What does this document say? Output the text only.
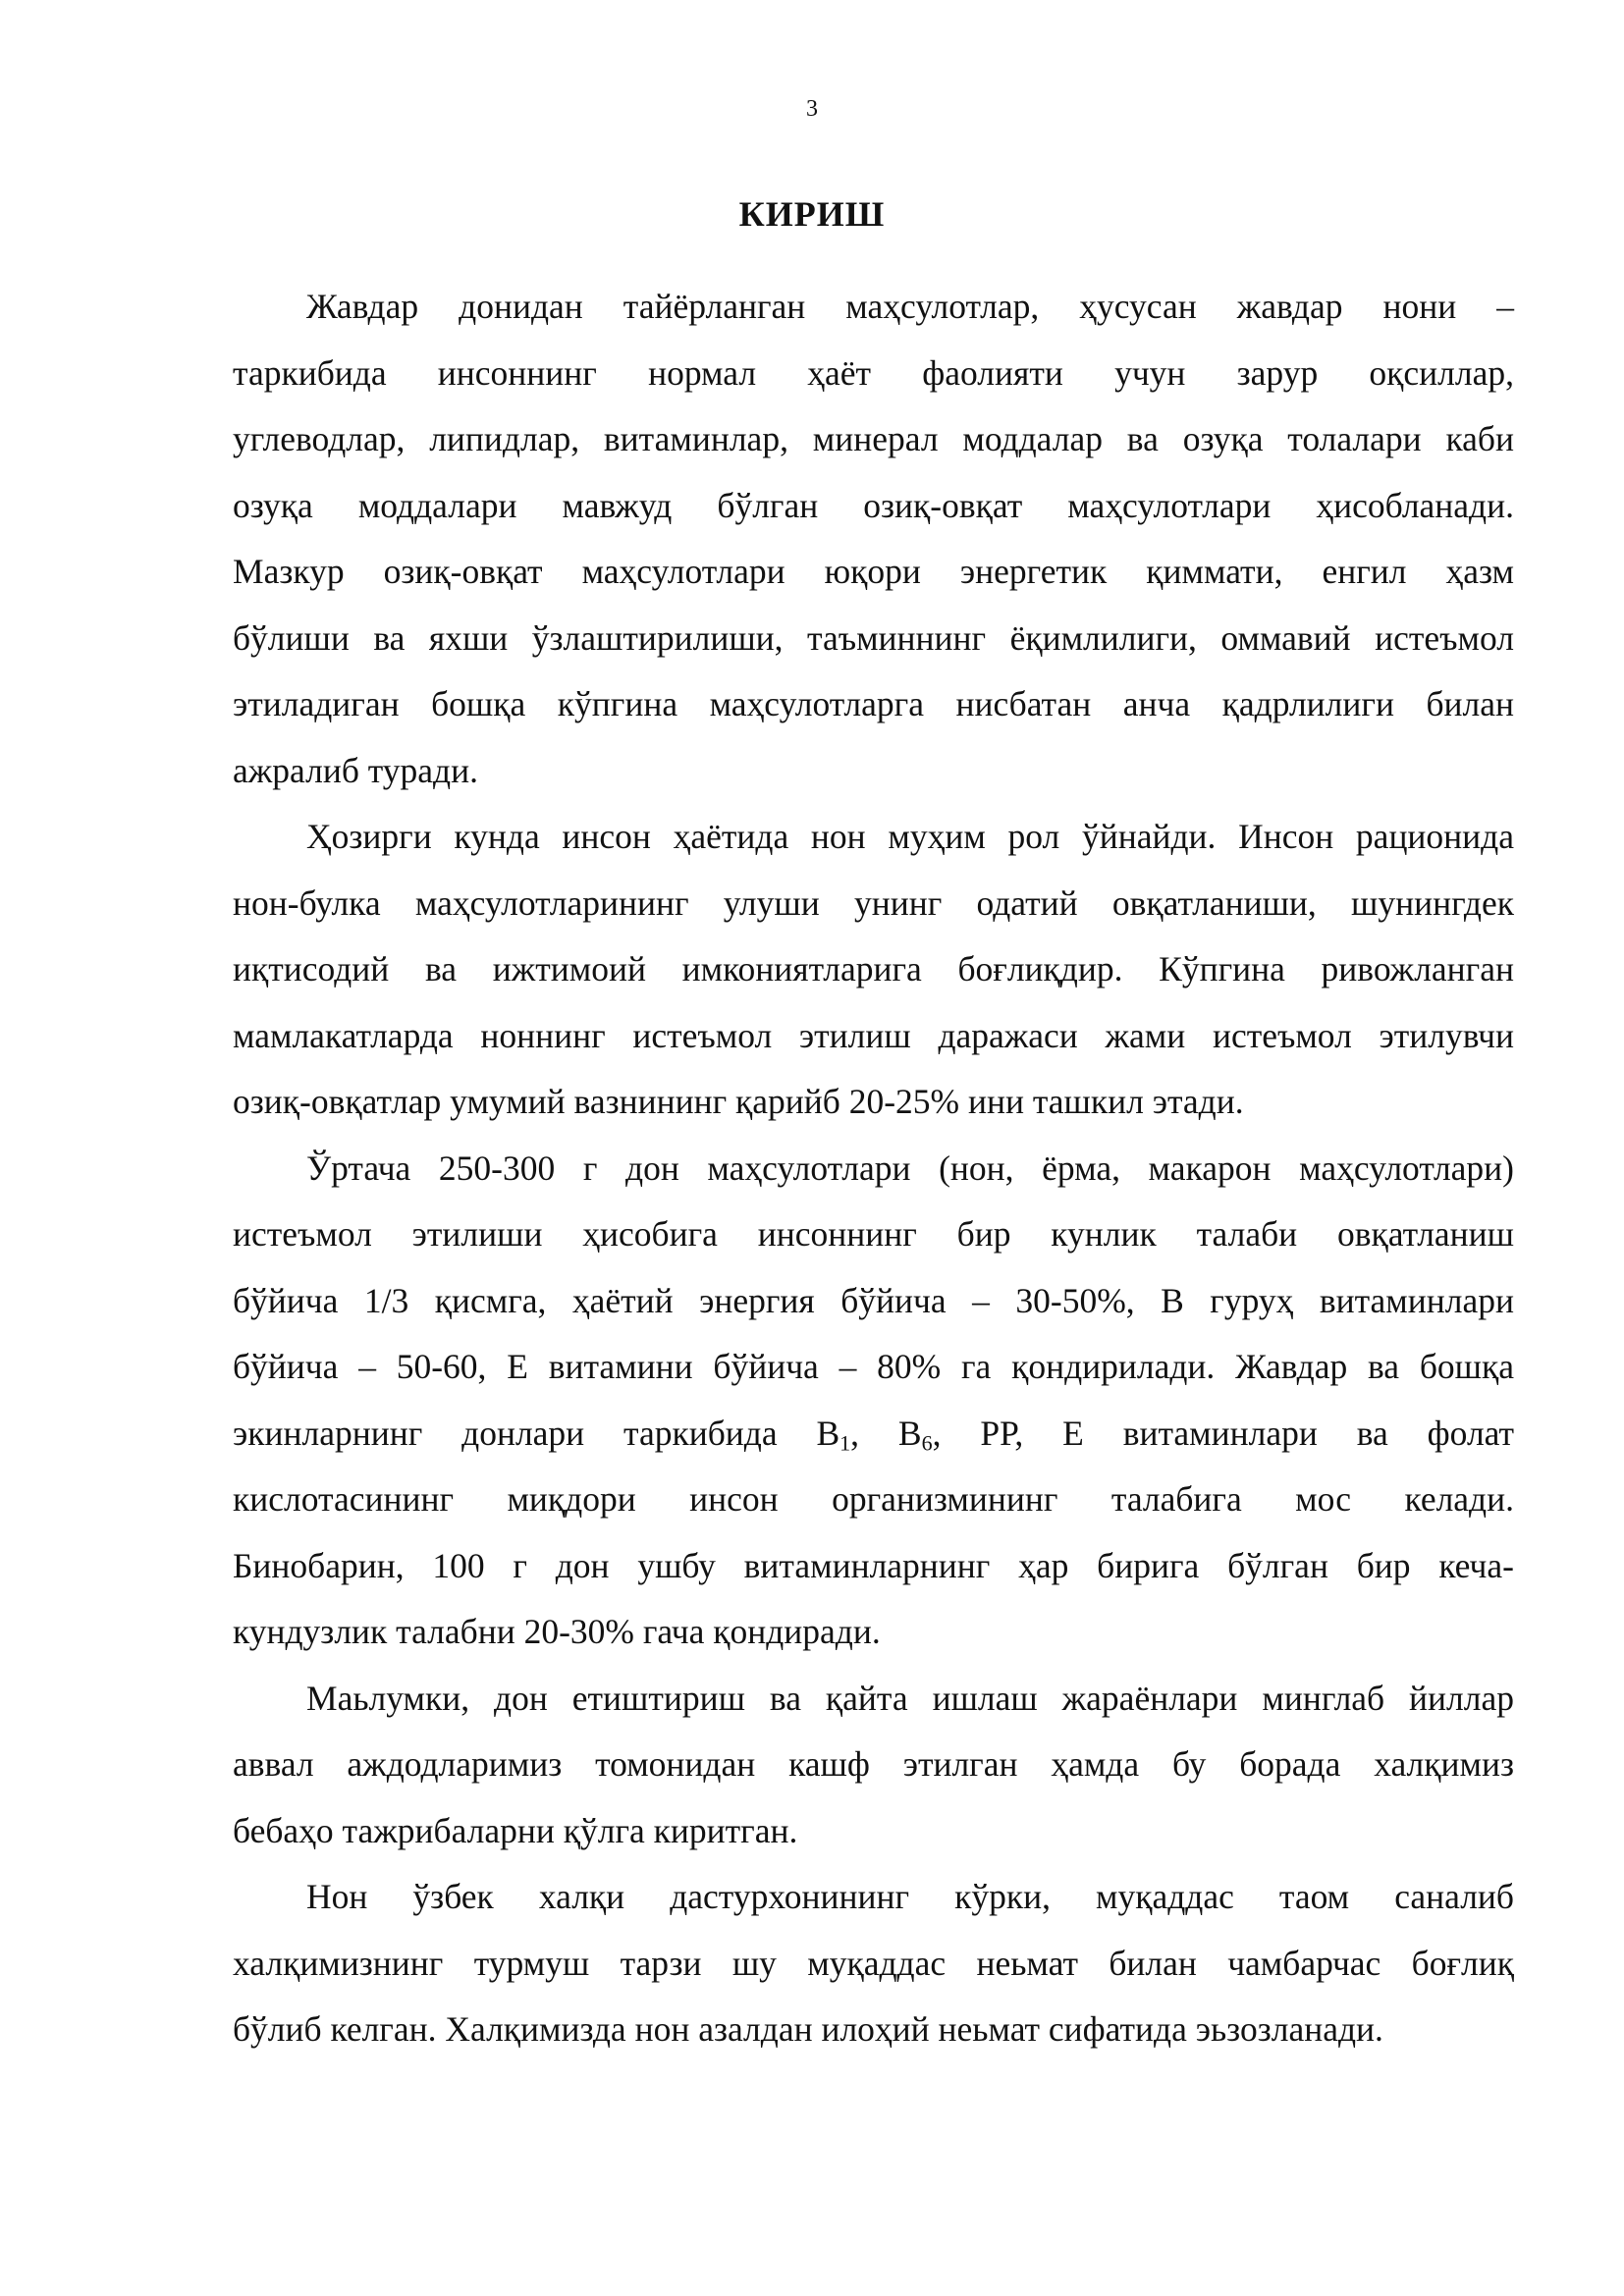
3
КИРИШ

Жавдар донидан тайёрланган маҳсулотлар, ҳусусан жавдар нони –
таркибида инсоннинг нормал ҳаёт фаолияти учун зарур оқсиллар,
углеводлар, липидлар, витаминлар, минерал моддалар ва озуқа толалари каби
озуқа моддалари мавжуд бўлган озиқ-овқат маҳсулотлари ҳисобланади.
Мазкур озиқ-овқат маҳсулотлари юқори энергетик қиммати, енгил ҳазм
бўлиши ва яхши ўзлаштирилиши, таъминнинг ёқимлилиги, оммавий истеъмол
этиладиган бошқа кўпгина маҳсулотларга нисбатан анча қадрлилиги билан
ажралиб туради.

Ҳозирги кунда инсон ҳаётида нон муҳим рол ўйнайди. Инсон рационида
нон-булка маҳсулотларининг улуши унинг одатий овқатланиши, шунингдек
иқтисодий ва ижтимоий имкониятларига боғлиқдир. Кўпгина ривожланган
мамлакатларда ноннинг истеъмол этилиш даражаси жами истеъмол этилувчи
озиқ-овқатлар умумий вазнининг қарийб 20-25% ини ташкил этади.

Ўртача 250-300 г дон маҳсулотлари (нон, ёрма, макарон маҳсулотлари)
истеъмол этилиши ҳисобига инсоннинг бир кунлик талаби овқатланиш
бўйича 1/3 қисмга, ҳаётий энергия бўйича – 30-50%, В гуруҳ витаминлари
бўйича – 50-60, Е витамини бўйича – 80% га қондирилади. Жавдар ва бошқа
экинларнинг донлари таркибида $В_1$, $В_6$, РР, Е витаминлари ва фолат
кислотасининг миқдори инсон организмининг талабига мос келади.
Бинобарин, 100 г дон ушбу витаминларнинг ҳар бирига бўлган бир кеча-
кундузлик талабни 20-30% гача қондиради.

Маьлумки, дон етиштириш ва қайта ишлаш жараёнлари минглаб йиллар
аввал аждодларимиз томонидан кашф этилган ҳамда бу борада халқимиз
бебаҳо тажрибаларни қўлга киритган.

Нон ўзбек халқи дастурхонининг кўрки, муқаддас таом саналиб
халқимизнинг турмуш тарзи шу муқаддас неьмат билан чамбарчас боғлиқ
бўлиб келган. Халқимизда нон азалдан илоҳий неьмат сифатида эьзозланади.
